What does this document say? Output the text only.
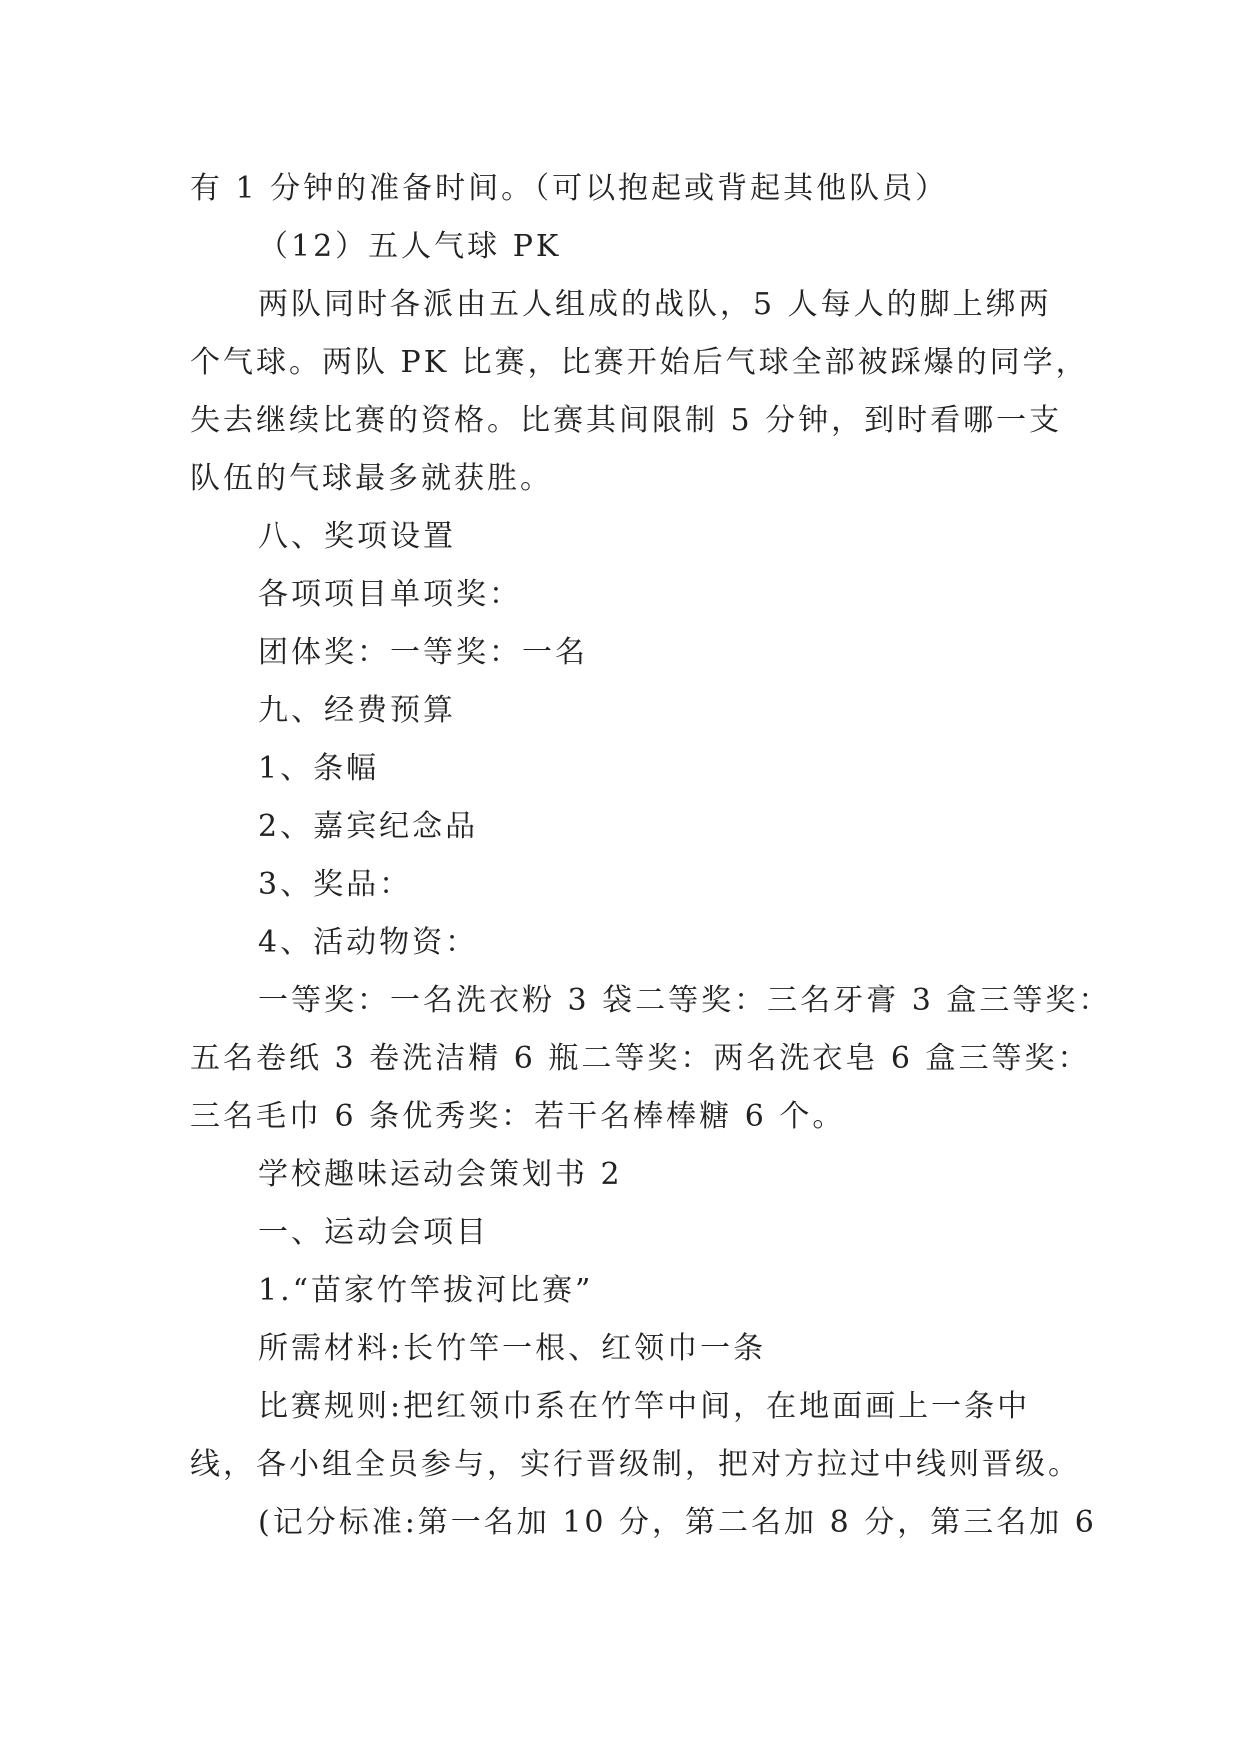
有 1 分钟的准备时间。（可以抱起或背起其他队员）

（12）五人气球 PK

两队同时各派由五人组成的战队，5 人每人的脚上绑两

个气球。两队 PK 比赛，比赛开始后气球全部被踩爆的同学，

失去继续比赛的资格。比赛其间限制 5 分钟，到时看哪一支

队伍的气球最多就获胜。

八、奖项设置

各项项目单项奖：

团体奖：一等奖：一名

九、经费预算

1、条幅

2、嘉宾纪念品

3、奖品：

4、活动物资：

一等奖：一名洗衣粉 3 袋二等奖：三名牙膏 3 盒三等奖：

五名卷纸 3 卷洗洁精 6 瓶二等奖：两名洗衣皂 6 盒三等奖：

三名毛巾 6 条优秀奖：若干名棒棒糖 6 个。

学校趣味运动会策划书 2

一、运动会项目

1.“苗家竹竿拔河比赛”

所需材料:长竹竿一根、红领巾一条

比赛规则:把红领巾系在竹竿中间，在地面画上一条中

线，各小组全员参与，实行晋级制，把对方拉过中线则晋级。

(记分标准:第一名加 10 分，第二名加 8 分，第三名加 6
